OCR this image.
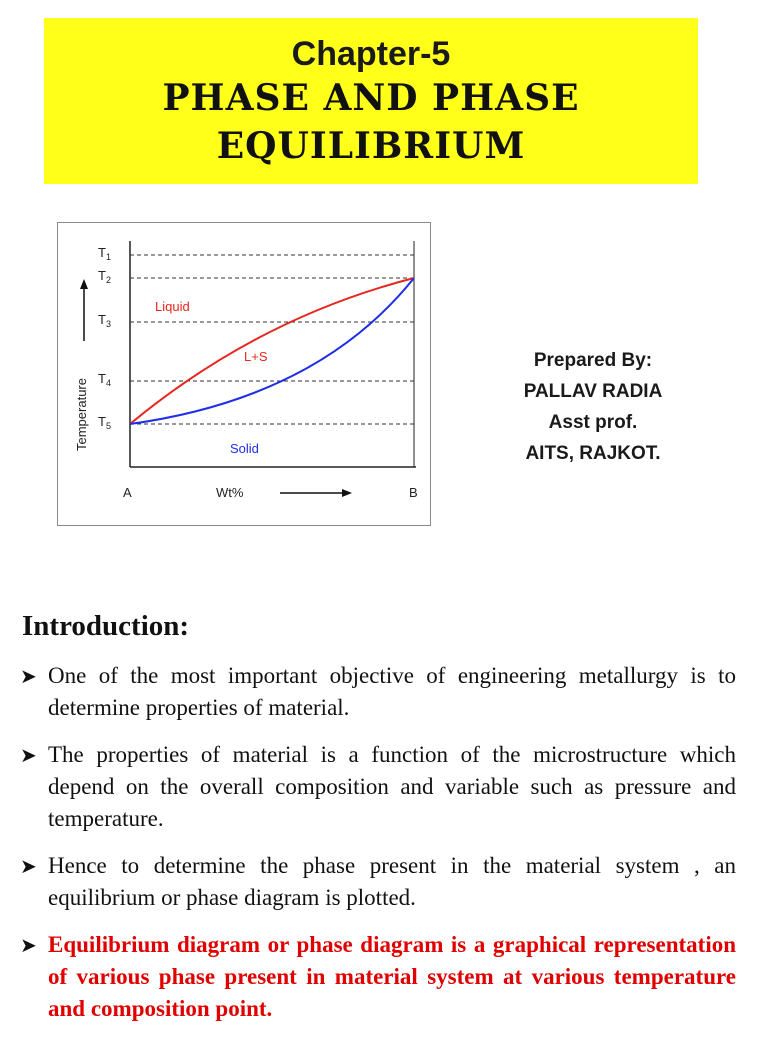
Chapter-5
PHASE AND PHASE
EQUILIBRIUM
$T_1$
$T_2$
$T_3$
$T_4$
$T_5$
Liquid
L+S
Solid
Temperature
A	Wt%	B
Prepared By:
PALLAV RADIA
Asst prof.
AITS, RAJKOT.
Introduction:
➤ One of the most important objective of engineering metallurgy is to determine properties of material.
➤ The properties of material is a function of the microstructure which depend on the overall composition and variable such as pressure and temperature.
➤ Hence to determine the phase present in the material system , an equilibrium or phase diagram is plotted.
➤ Equilibrium diagram or phase diagram is a graphical representation of various phase present in material system at various temperature and composition point.
